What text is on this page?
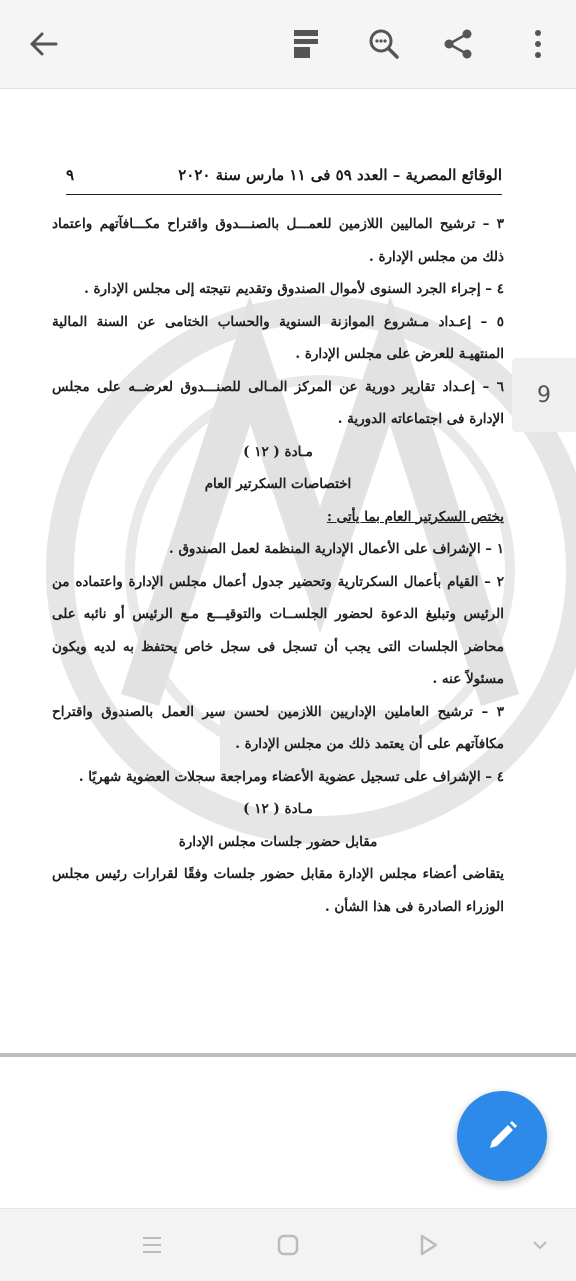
الوقائع المصرية – العدد ٥٩ فى ١١ مارس سنة ٢٠٢٠
٩

٣ – ترشيح الماليين اللازمين للعمـــل بالصنـــدوق واقتراح مكـــافآتهم واعتماد ذلك من مجلس الإدارة .

٤ – إجراء الجرد السنوى لأموال الصندوق وتقديم نتيجته إلى مجلس الإدارة .

٥ – إعـداد مـشروع الموازنة السنوية والحساب الختامى عن السنة المالية المنتهيـة للعرض على مجلس الإدارة .

٦ – إعـداد تقارير دورية عن المركز المـالى للصنـــدوق لعرضــه على مجلس الإدارة فى اجتماعاته الدورية .

مـادة ( ١٢ )

اختصاصات السكرتير العام

يختص السكرتير العام بما يأتى :

١ – الإشراف على الأعمال الإدارية المنظمة لعمل الصندوق .

٢ – القيام بأعمال السكرتارية وتحضير جدول أعمال مجلس الإدارة واعتماده من الرئيس وتبليغ الدعوة لحضور الجلســات والتوقيـــع مـع الرئيس أو نائبه على محاضر الجلسات التى يجب أن تسجل فى سجل خاص يحتفظ به لديه ويكون مسئولاً عنه .

٣ – ترشيح العاملين الإداريين اللازمين لحسن سير العمل بالصندوق واقتراح مكافآتهم على أن يعتمد ذلك من مجلس الإدارة .

٤ – الإشراف على تسجيل عضوية الأعضاء ومراجعة سجلات العضوية شهريًا .

مـادة ( ١٢ )

مقابل حضور جلسات مجلس الإدارة

يتقاضى أعضاء مجلس الإدارة مقابل حضور جلسات وفقًا لقرارات رئيس مجلس الوزراء الصادرة فى هذا الشأن .

9
